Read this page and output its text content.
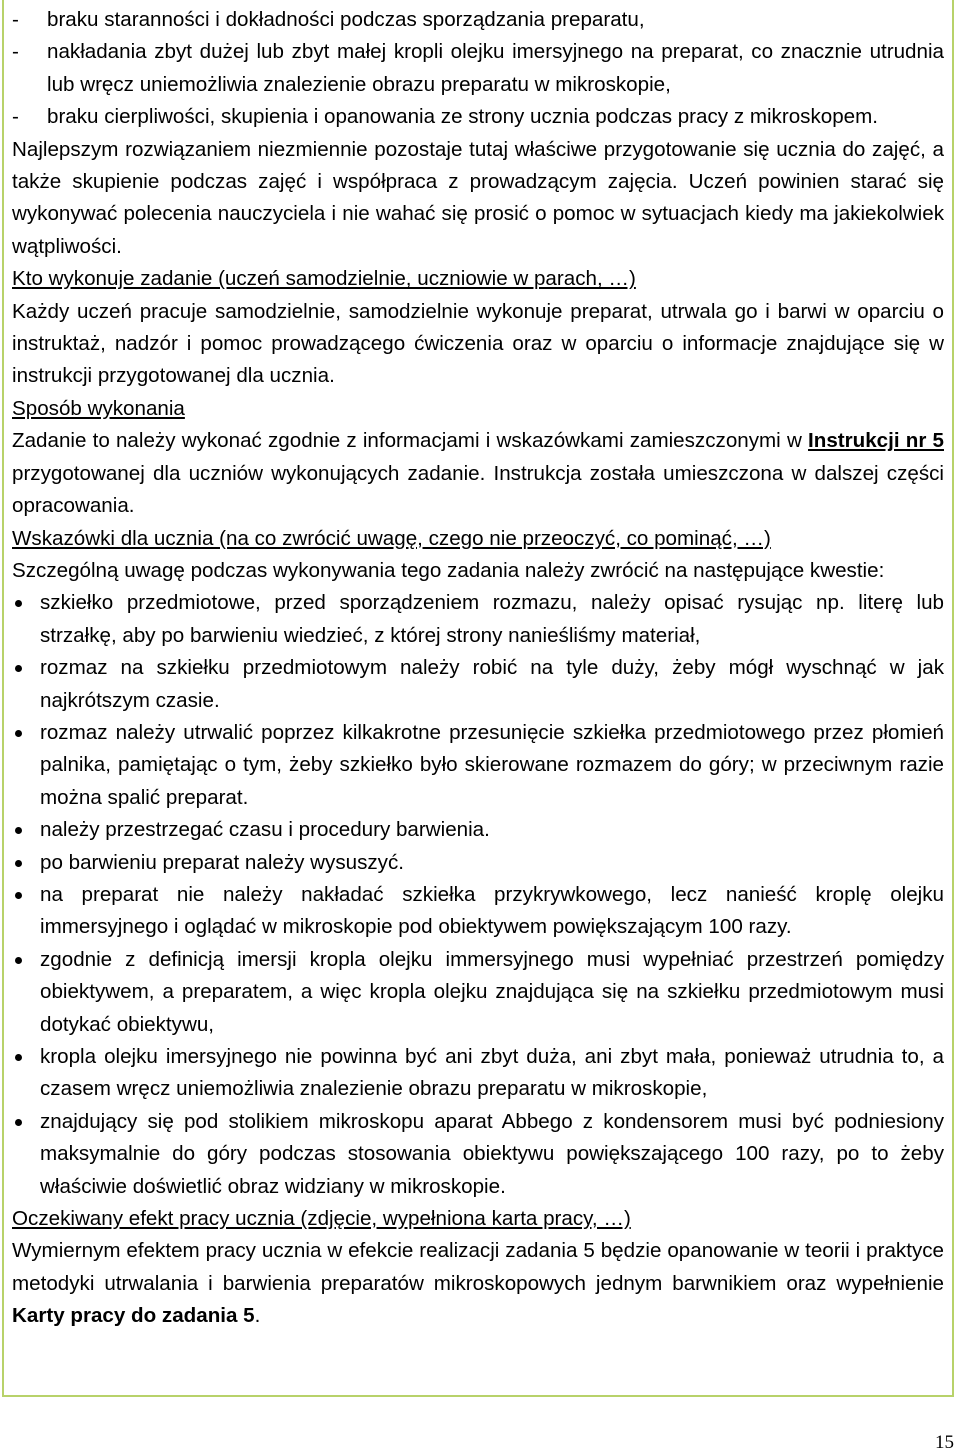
- braku staranności i dokładności podczas sporządzania preparatu,
- nakładania zbyt dużej lub zbyt małej kropli olejku imersyjnego na preparat, co znacznie utrudnia lub wręcz uniemożliwia znalezienie obrazu preparatu w mikroskopie,
- braku cierpliwości, skupienia i opanowania ze strony ucznia podczas pracy z mikroskopem.

Najlepszym rozwiązaniem niezmiennie pozostaje tutaj właściwe przygotowanie się ucznia do zajęć, a także skupienie podczas zajęć i współpraca z prowadzącym zajęcia. Uczeń powinien starać się wykonywać polecenia nauczyciela i nie wahać się prosić o pomoc w sytuacjach kiedy ma jakiekolwiek wątpliwości.

Kto wykonuje zadanie (uczeń samodzielnie, uczniowie w parach, …)

Każdy uczeń pracuje samodzielnie, samodzielnie wykonuje preparat, utrwala go i barwi w oparciu o instruktaż, nadzór i pomoc prowadzącego ćwiczenia oraz w oparciu o informacje znajdujące się w instrukcji przygotowanej dla ucznia.

Sposób wykonania

Zadanie to należy wykonać zgodnie z informacjami i wskazówkami zamieszczonymi w Instrukcji nr 5 przygotowanej dla uczniów wykonujących zadanie. Instrukcja została umieszczona w dalszej części opracowania.

Wskazówki dla ucznia (na co zwrócić uwagę, czego nie przeoczyć, co pominąć, …)

Szczególną uwagę podczas wykonywania tego zadania należy zwrócić na następujące kwestie:

szkiełko przedmiotowe, przed sporządzeniem rozmazu, należy opisać rysując np. literę lub strzałkę, aby po barwieniu wiedzieć, z której strony nanieśliśmy materiał,
rozmaz na szkiełku przedmiotowym należy robić na tyle duży, żeby mógł wyschnąć w jak najkrótszym czasie.
rozmaz należy utrwalić poprzez kilkakrotne przesunięcie szkiełka przedmiotowego przez płomień palnika, pamiętając o tym, żeby szkiełko było skierowane rozmazem do góry; w przeciwnym razie można spalić preparat.
należy przestrzegać czasu i procedury barwienia.
po barwieniu preparat należy wysuszyć.
na preparat nie należy nakładać szkiełka przykrywkowego, lecz nanieść kroplę olejku immersyjnego i oglądać w mikroskopie pod obiektywem powiększającym 100 razy.
zgodnie z definicją imersji kropla olejku immersyjnego musi wypełniać przestrzeń pomiędzy obiektywem, a preparatem, a więc kropla olejku znajdująca się na szkiełku przedmiotowym musi dotykać obiektywu,
kropla olejku imersyjnego nie powinna być ani zbyt duża, ani zbyt mała, ponieważ utrudnia to, a czasem wręcz uniemożliwia znalezienie obrazu preparatu w mikroskopie,
znajdujący się pod stolikiem mikroskopu aparat Abbego z kondensorem musi być podniesiony maksymalnie do góry podczas stosowania obiektywu powiększającego 100 razy, po to żeby właściwie doświetlić obraz widziany w mikroskopie.

Oczekiwany efekt pracy ucznia (zdjęcie, wypełniona karta pracy, …)

Wymiernym efektem pracy ucznia w efekcie realizacji zadania 5 będzie opanowanie w teorii i praktyce metodyki utrwalania i barwienia preparatów mikroskopowych jednym barwnikiem oraz wypełnienie Karty pracy do zadania 5.

15
